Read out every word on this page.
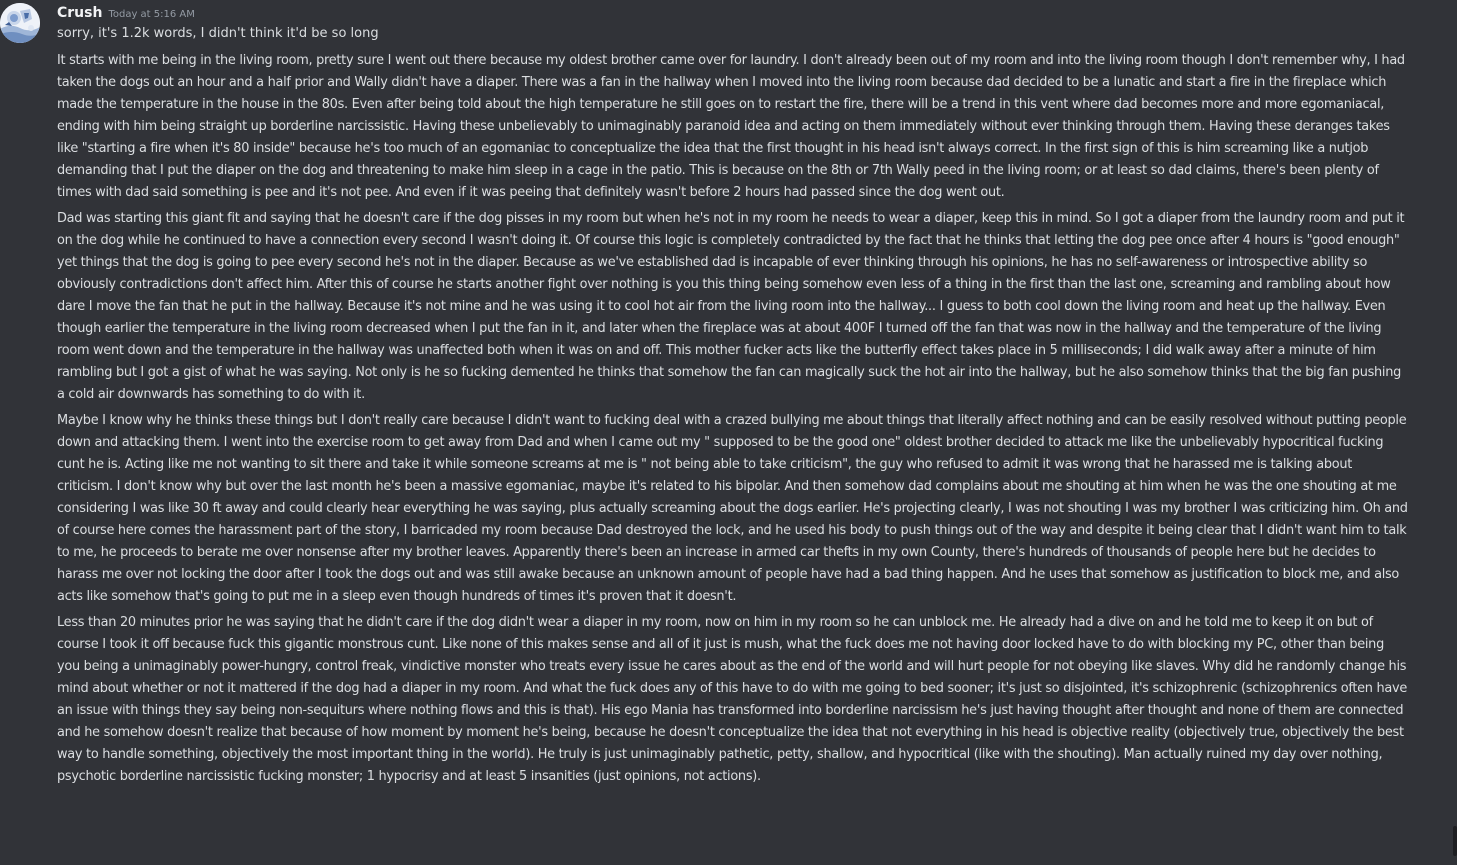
Crush Today at 5:16 AM
sorry, it's 1.2k words, I didn't think it'd be so long

It starts with me being in the living room, pretty sure I went out there because my oldest brother came over for laundry. I don't already been out of my room and into the living room though I don't remember why, I had taken the dogs out an hour and a half prior and Wally didn't have a diaper. There was a fan in the hallway when I moved into the living room because dad decided to be a lunatic and start a fire in the fireplace which made the temperature in the house in the 80s. Even after being told about the high temperature he still goes on to restart the fire, there will be a trend in this vent where dad becomes more and more egomaniacal, ending with him being straight up borderline narcissistic. Having these unbelievably to unimaginably paranoid idea and acting on them immediately without ever thinking through them. Having these deranges takes like "starting a fire when it's 80 inside" because he's too much of an egomaniac to conceptualize the idea that the first thought in his head isn't always correct. In the first sign of this is him screaming like a nutjob demanding that I put the diaper on the dog and threatening to make him sleep in a cage in the patio. This is because on the 8th or 7th Wally peed in the living room; or at least so dad claims, there's been plenty of times with dad said something is pee and it's not pee. And even if it was peeing that definitely wasn't before 2 hours had passed since the dog went out.

Dad was starting this giant fit and saying that he doesn't care if the dog pisses in my room but when he's not in my room he needs to wear a diaper, keep this in mind. So I got a diaper from the laundry room and put it on the dog while he continued to have a connection every second I wasn't doing it. Of course this logic is completely contradicted by the fact that he thinks that letting the dog pee once after 4 hours is "good enough" yet things that the dog is going to pee every second he's not in the diaper. Because as we've established dad is incapable of ever thinking through his opinions, he has no self-awareness or introspective ability so obviously contradictions don't affect him. After this of course he starts another fight over nothing is you this thing being somehow even less of a thing in the first than the last one, screaming and rambling about how dare I move the fan that he put in the hallway. Because it's not mine and he was using it to cool hot air from the living room into the hallway... I guess to both cool down the living room and heat up the hallway. Even though earlier the temperature in the living room decreased when I put the fan in it, and later when the fireplace was at about 400F I turned off the fan that was now in the hallway and the temperature of the living room went down and the temperature in the hallway was unaffected both when it was on and off. This mother fucker acts like the butterfly effect takes place in 5 milliseconds; I did walk away after a minute of him rambling but I got a gist of what he was saying. Not only is he so fucking demented he thinks that somehow the fan can magically suck the hot air into the hallway, but he also somehow thinks that the big fan pushing a cold air downwards has something to do with it.

Maybe I know why he thinks these things but I don't really care because I didn't want to fucking deal with a crazed bullying me about things that literally affect nothing and can be easily resolved without putting people down and attacking them. I went into the exercise room to get away from Dad and when I came out my " supposed to be the good one" oldest brother decided to attack me like the unbelievably hypocritical fucking cunt he is. Acting like me not wanting to sit there and take it while someone screams at me is " not being able to take criticism", the guy who refused to admit it was wrong that he harassed me is talking about criticism. I don't know why but over the last month he's been a massive egomaniac, maybe it's related to his bipolar. And then somehow dad complains about me shouting at him when he was the one shouting at me considering I was like 30 ft away and could clearly hear everything he was saying, plus actually screaming about the dogs earlier. He's projecting clearly, I was not shouting I was my brother I was criticizing him. Oh and of course here comes the harassment part of the story, I barricaded my room because Dad destroyed the lock, and he used his body to push things out of the way and despite it being clear that I didn't want him to talk to me, he proceeds to berate me over nonsense after my brother leaves. Apparently there's been an increase in armed car thefts in my own County, there's hundreds of thousands of people here but he decides to harass me over not locking the door after I took the dogs out and was still awake because an unknown amount of people have had a bad thing happen. And he uses that somehow as justification to block me, and also acts like somehow that's going to put me in a sleep even though hundreds of times it's proven that it doesn't.

Less than 20 minutes prior he was saying that he didn't care if the dog didn't wear a diaper in my room, now on him in my room so he can unblock me. He already had a dive on and he told me to keep it on but of course I took it off because fuck this gigantic monstrous cunt. Like none of this makes sense and all of it just is mush, what the fuck does me not having door locked have to do with blocking my PC, other than being you being a unimaginably power-hungry, control freak, vindictive monster who treats every issue he cares about as the end of the world and will hurt people for not obeying like slaves. Why did he randomly change his mind about whether or not it mattered if the dog had a diaper in my room. And what the fuck does any of this have to do with me going to bed sooner; it's just so disjointed, it's schizophrenic (schizophrenics often have an issue with things they say being non-sequiturs where nothing flows and this is that). His ego Mania has transformed into borderline narcissism he's just having thought after thought and none of them are connected and he somehow doesn't realize that because of how moment by moment he's being, because he doesn't conceptualize the idea that not everything in his head is objective reality (objectively true, objectively the best way to handle something, objectively the most important thing in the world). He truly is just unimaginably pathetic, petty, shallow, and hypocritical (like with the shouting). Man actually ruined my day over nothing, psychotic borderline narcissistic fucking monster; 1 hypocrisy and at least 5 insanities (just opinions, not actions).
